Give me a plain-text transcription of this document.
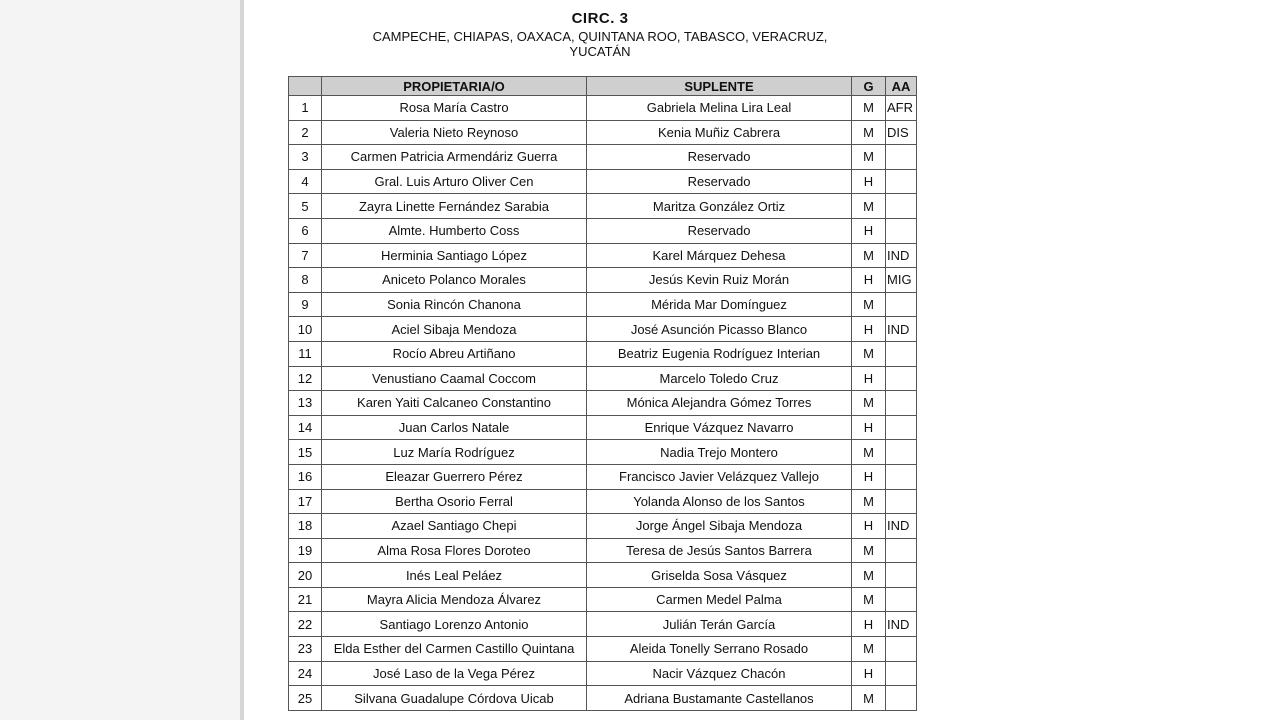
CIRC. 3
CAMPECHE, CHIAPAS, OAXACA, QUINTANA ROO, TABASCO, VERACRUZ,
YUCATÁN
	PROPIETARIA/O	SUPLENTE	G	AA
1	Rosa María Castro	Gabriela Melina Lira Leal	M	AFR
2	Valeria Nieto Reynoso	Kenia Muñiz Cabrera	M	DIS
3	Carmen Patricia Armendáriz Guerra	Reservado	M	
4	Gral. Luis Arturo Oliver Cen	Reservado	H	
5	Zayra Linette Fernández Sarabia	Maritza González Ortiz	M	
6	Almte. Humberto Coss	Reservado	H	
7	Herminia Santiago López	Karel Márquez Dehesa	M	IND
8	Aniceto Polanco Morales	Jesús Kevin Ruiz Morán	H	MIG
9	Sonia Rincón Chanona	Mérida Mar Domínguez	M	
10	Aciel Sibaja Mendoza	José Asunción Picasso Blanco	H	IND
11	Rocío Abreu Artiñano	Beatriz Eugenia Rodríguez Interian	M	
12	Venustiano Caamal Coccom	Marcelo Toledo Cruz	H	
13	Karen Yaiti Calcaneo Constantino	Mónica Alejandra Gómez Torres	M	
14	Juan Carlos Natale	Enrique Vázquez Navarro	H	
15	Luz María Rodríguez	Nadia Trejo Montero	M	
16	Eleazar Guerrero Pérez	Francisco Javier Velázquez Vallejo	H	
17	Bertha Osorio Ferral	Yolanda Alonso de los Santos	M	
18	Azael Santiago Chepi	Jorge Ángel Sibaja Mendoza	H	IND
19	Alma Rosa Flores Doroteo	Teresa de Jesús Santos Barrera	M	
20	Inés Leal Peláez	Griselda Sosa Vásquez	M	
21	Mayra Alicia Mendoza Álvarez	Carmen Medel Palma	M	
22	Santiago Lorenzo Antonio	Julián Terán García	H	IND
23	Elda Esther del Carmen Castillo Quintana	Aleida Tonelly Serrano Rosado	M	
24	José Laso de la Vega Pérez	Nacir Vázquez Chacón	H	
25	Silvana Guadalupe Córdova Uicab	Adriana Bustamante Castellanos	M	
